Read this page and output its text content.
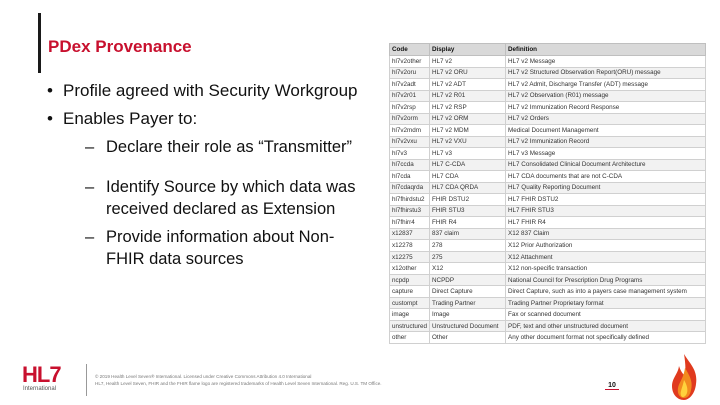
PDex Provenance
• Profile agreed with Security Workgroup
• Enables Payer to:
– Declare their role as “Transmitter”
– Identify Source by which data was received declared as Extension
– Provide information about Non-FHIR data sources
Code	Display	Definition
hl7v2other	HL7 v2	HL7 v2 Message
hl7v2oru	HL7 v2 ORU	HL7 v2 Structured Observation Report(ORU) message
hl7v2adt	HL7 v2 ADT	HL7 v2 Admit, Discharge Transfer (ADT) message
hl7v2r01	HL7 v2 R01	HL7 v2 Observation (R01) message
hl7v2rsp	HL7 v2 RSP	HL7 v2 Immunization Record Response
hl7v2orm	HL7 v2 ORM	HL7 v2 Orders
hl7v2mdm	HL7 v2 MDM	Medical Document Management
hl7v2vxu	HL7 v2 VXU	HL7 v2 Immunization Record
hl7v3	HL7 v3	HL7 v3 Message
hl7ccda	HL7 C-CDA	HL7 Consolidated Clinical Document Architecture
hl7cda	HL7 CDA	HL7 CDA documents that are not C-CDA
hl7cdaqrda	HL7 CDA QRDA	HL7 Quality Reporting Document
hl7fhirdstu2	FHIR DSTU2	HL7 FHIR DSTU2
hl7fhirstu3	FHIR STU3	HL7 FHIR STU3
hl7fhirr4	FHIR R4	HL7 FHIR R4
x12837	837 claim	X12 837 Claim
x12278	278	X12 Prior Authorization
x12275	275	X12 Attachment
x12other	X12	X12 non-specific transaction
ncpdp	NCPDP	National Council for Prescription Drug Programs
capture	Direct Capture	Direct Capture, such as into a payers case management system
custompt	Trading Partner	Trading Partner Proprietary format
image	Image	Fax or scanned document
unstructured	Unstructured Document	PDF, text and other unstructured document
other	Other	Any other document format not specifically defined
HL7
International
© 2019 Health Level Seven® International. Licensed under Creative Commons Attribution 4.0 International
HL7, Health Level Seven, FHIR and the FHIR flame logo are registered trademarks of Health Level Seven International. Reg. U.S. TM Office.	10
